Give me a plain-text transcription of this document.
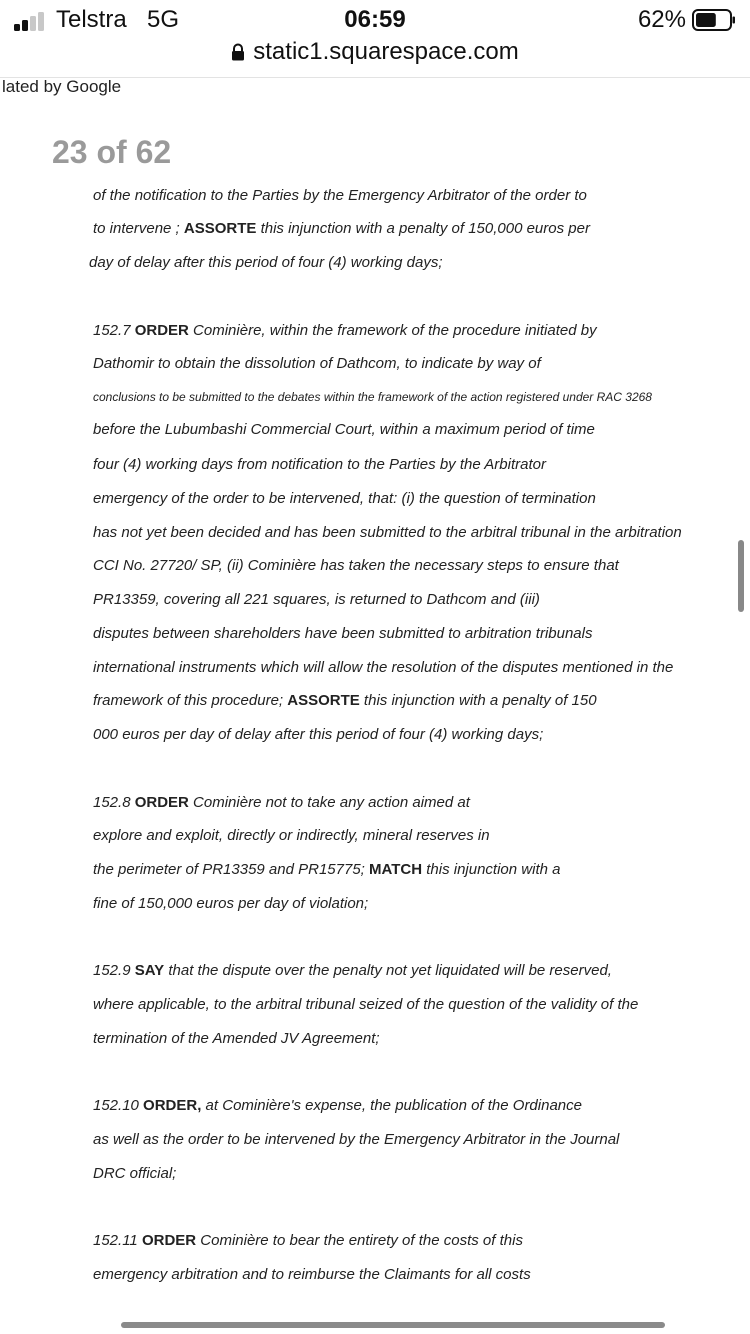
Telstra 5G	06:59	62%
static1.squarespace.com
lated by Google
23 of 62
of the notification to the Parties by the Emergency Arbitrator of the order to
to intervene ; ASSORTE this injunction with a penalty of 150,000 euros per
day of delay after this period of four (4) working days;
152.7 ORDER Cominière, within the framework of the procedure initiated by
Dathomir to obtain the dissolution of Dathcom, to indicate by way of
conclusions to be submitted to the debates within the framework of the action registered under RAC 3268
before the Lubumbashi Commercial Court, within a maximum period of time
four (4) working days from notification to the Parties by the Arbitrator
emergency of the order to be intervened, that: (i) the question of termination
has not yet been decided and has been submitted to the arbitral tribunal in the arbitration
CCI No. 27720/ SP, (ii) Cominière has taken the necessary steps to ensure that
PR13359, covering all 221 squares, is returned to Dathcom and (iii)
disputes between shareholders have been submitted to arbitration tribunals
international instruments which will allow the resolution of the disputes mentioned in the
framework of this procedure; ASSORTE this injunction with a penalty of 150
000 euros per day of delay after this period of four (4) working days;
152.8 ORDER Cominière not to take any action aimed at
explore and exploit, directly or indirectly, mineral reserves in
the perimeter of PR13359 and PR15775; MATCH this injunction with a
fine of 150,000 euros per day of violation;
152.9 SAY that the dispute over the penalty not yet liquidated will be reserved,
where applicable, to the arbitral tribunal seized of the question of the validity of the
termination of the Amended JV Agreement;
152.10 ORDER, at Cominière's expense, the publication of the Ordinance
as well as the order to be intervened by the Emergency Arbitrator in the Journal
DRC official;
152.11 ORDER Cominière to bear the entirety of the costs of this
emergency arbitration and to reimburse the Claimants for all costs
